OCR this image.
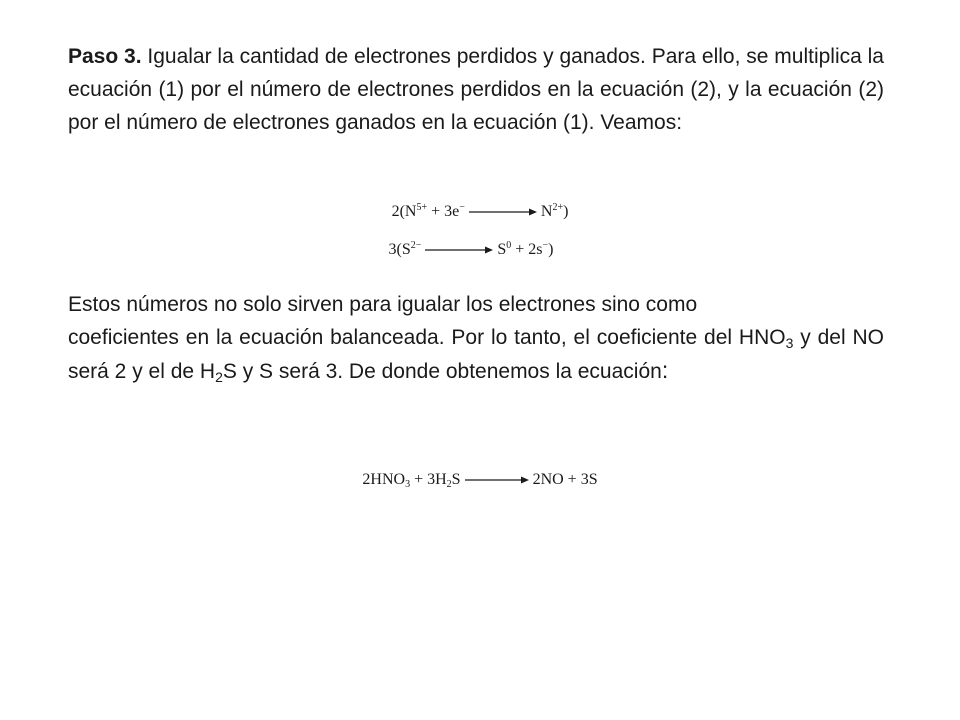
Paso 3. Igualar la cantidad de electrones perdidos y ganados. Para ello, se multiplica la ecuación (1) por el número de electrones perdidos en la ecuación (2), y la ecuación (2) por el número de electrones ganados en la ecuación (1). Veamos:

$2(N^{5+} + 3e^-$	$N^{2+}$)
$3(S^{2-}$	$S^0 + 2s^-$)

Estos números no solo sirven para igualar los electrones sino como
coeficientes en la ecuación balanceada. Por lo tanto, el coeficiente del $HNO_3$ y del NO será 2 y el de $H_2S$ y S será 3. De donde obtenemos la ecuación:

$2HNO_3 + 3H_2S \to 2NO + 3S$
